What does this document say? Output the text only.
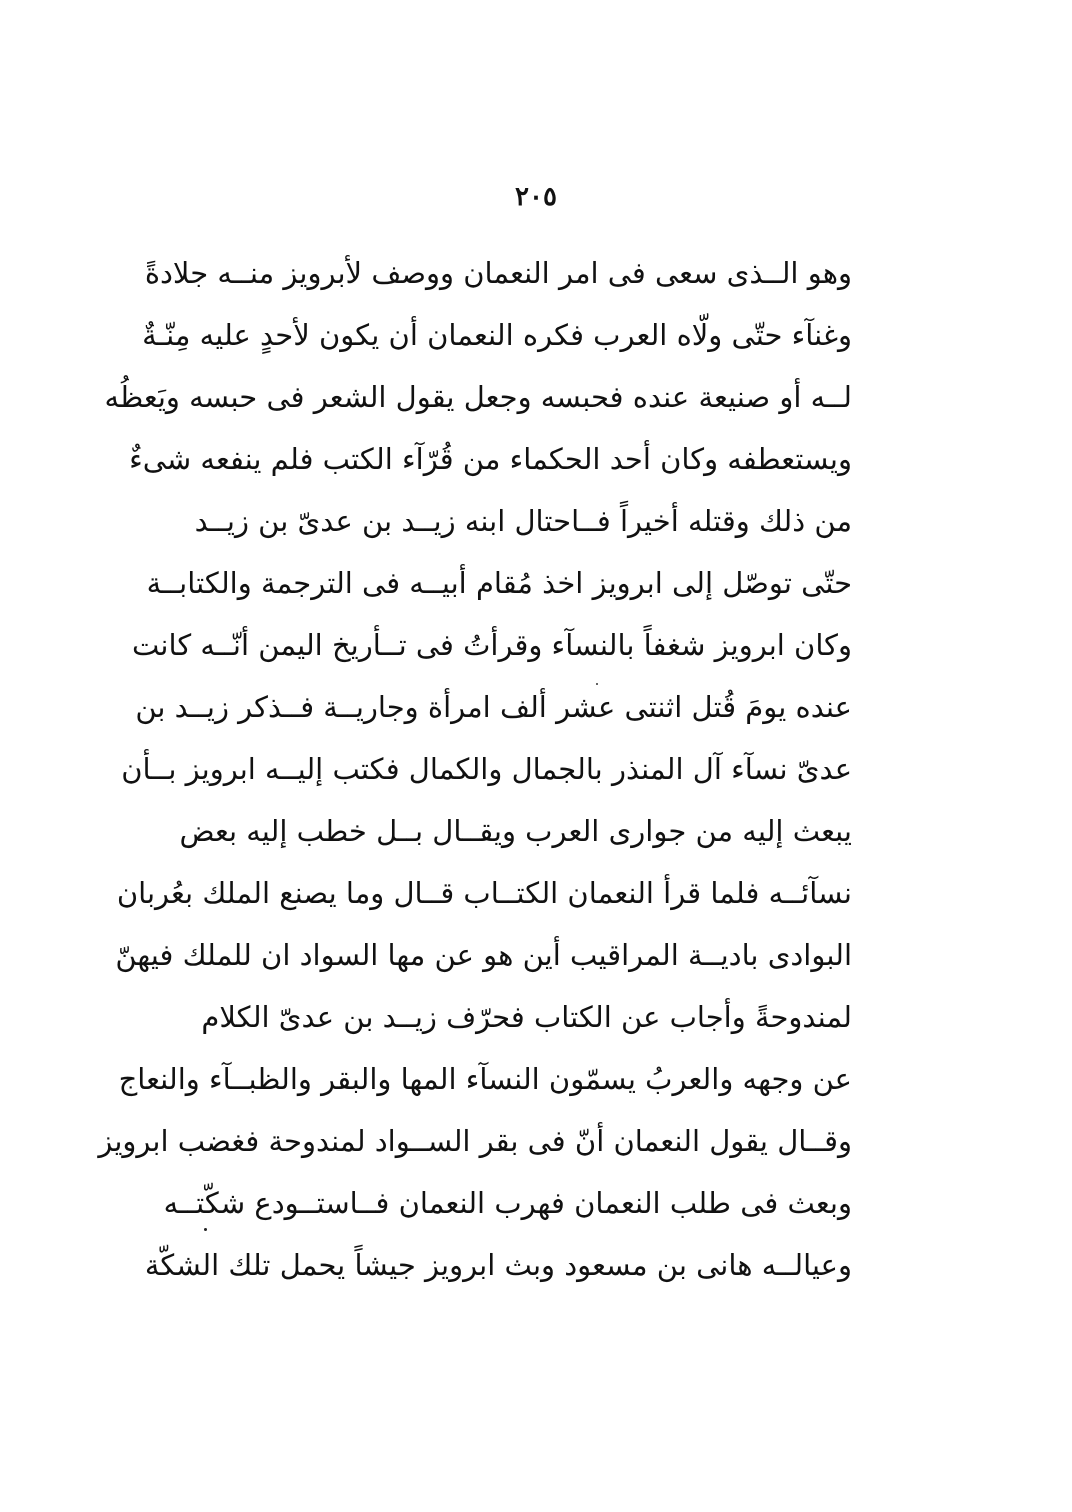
٢٠٥
وهو الــذى سعى فى امر النعمان ووصف لأبرويز منــه جلادةً
وغنآء حتّى ولّاه العرب فكره النعمان أن يكون لأحدٍ عليه مِنّـةٌ
لــه أو صنيعة عنده فحبسه وجعل يقول الشعر فى حبسه ويَعظُه
ويستعطفه وكان أحد الحكماء من قُرّآء الكتب فلم ينفعه شىءٌ
من ذلك وقتله أخيراً فــاحتال ابنه زيــد بن عدىّ بن زيــد
حتّى توصّل إلى ابرويز اخذ مُقام أبيــه فى الترجمة والكتابــة
وكان ابرويز شغفاً بالنسآء وقرأتُ فى تــأريخ اليمن أنّــه كانت
عنده يومَ قُتل اثنتى عشر ألف امرأة وجاريــة فــذكر زيــد بن
عدىّ نسآء آل المنذر بالجمال والكمال فكتب إليــه ابرويز بــأن
يبعث إليه من جوارى العرب ويقــال بــل خطب إليه بعض
نسآئــه فلما قرأ النعمان الكتــاب قــال وما يصنع الملك بعُربان
البوادى باديــة المراقيب أين هو عن مها السواد ان للملك فيهنّ
لمندوحةً وأجاب عن الكتاب فحرّف زيــد بن عدىّ الكلام
عن وجهه والعربُ يسمّون النسآء المها والبقر والظبــآء والنعاج
وقــال يقول النعمان أنّ فى بقر الســواد لمندوحة فغضب ابرويز
وبعث فى طلب النعمان فهرب النعمان فــاستــودع شكّتــه
وعيالــه هانى بن مسعود وبث ابرويز جيشاً يحمل تلك الشكّة
